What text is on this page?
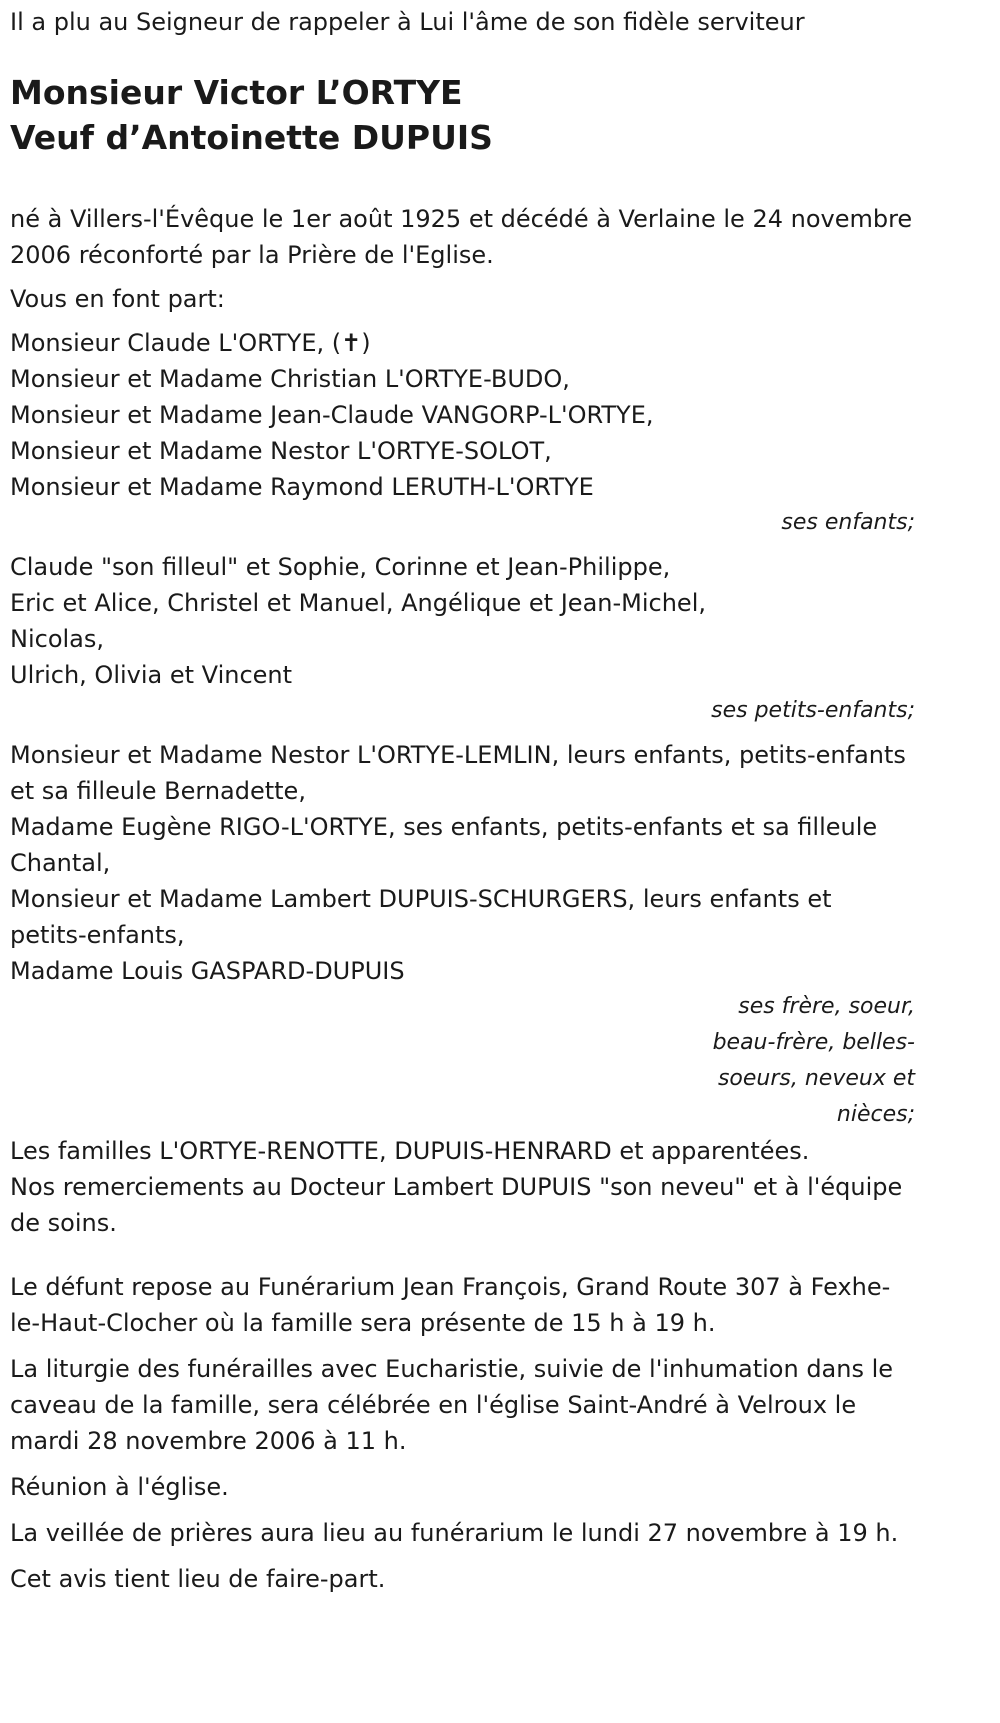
Il a plu au Seigneur de rappeler à Lui l'âme de son fidèle serviteur

Monsieur Victor L’ORTYE
Veuf d’Antoinette DUPUIS

né à Villers-l'Évêque le 1er août 1925 et décédé à Verlaine le 24 novembre 2006 réconforté par la Prière de l'Eglise.

Vous en font part:

Monsieur Claude L'ORTYE, (✝)
Monsieur et Madame Christian L'ORTYE-BUDO,
Monsieur et Madame Jean-Claude VANGORP-L'ORTYE,
Monsieur et Madame Nestor L'ORTYE-SOLOT,
Monsieur et Madame Raymond LERUTH-L'ORTYE
ses enfants;
Claude "son filleul" et Sophie, Corinne et Jean-Philippe,
Eric et Alice, Christel et Manuel, Angélique et Jean-Michel,
Nicolas,
Ulrich, Olivia et Vincent
ses petits-enfants;
Monsieur et Madame Nestor L'ORTYE-LEMLIN, leurs enfants, petits-enfants et sa filleule Bernadette,
Madame Eugène RIGO-L'ORTYE, ses enfants, petits-enfants et sa filleule Chantal,
Monsieur et Madame Lambert DUPUIS-SCHURGERS, leurs enfants et petits-enfants,
Madame Louis GASPARD-DUPUIS
ses frère, soeur, beau-frère, belles-soeurs, neveux et nièces;

Les familles L'ORTYE-RENOTTE, DUPUIS-HENRARD et apparentées.

Nos remerciements au Docteur Lambert DUPUIS "son neveu" et à l'équipe de soins.

Le défunt repose au Funérarium Jean François, Grand Route 307 à Fexhe-le-Haut-Clocher où la famille sera présente de 15 h à 19 h.

La liturgie des funérailles avec Eucharistie, suivie de l'inhumation dans le caveau de la famille, sera célébrée en l'église Saint-André à Velroux le mardi 28 novembre 2006 à 11 h.

Réunion à l'église.

La veillée de prières aura lieu au funérarium le lundi 27 novembre à 19 h.

Cet avis tient lieu de faire-part.
